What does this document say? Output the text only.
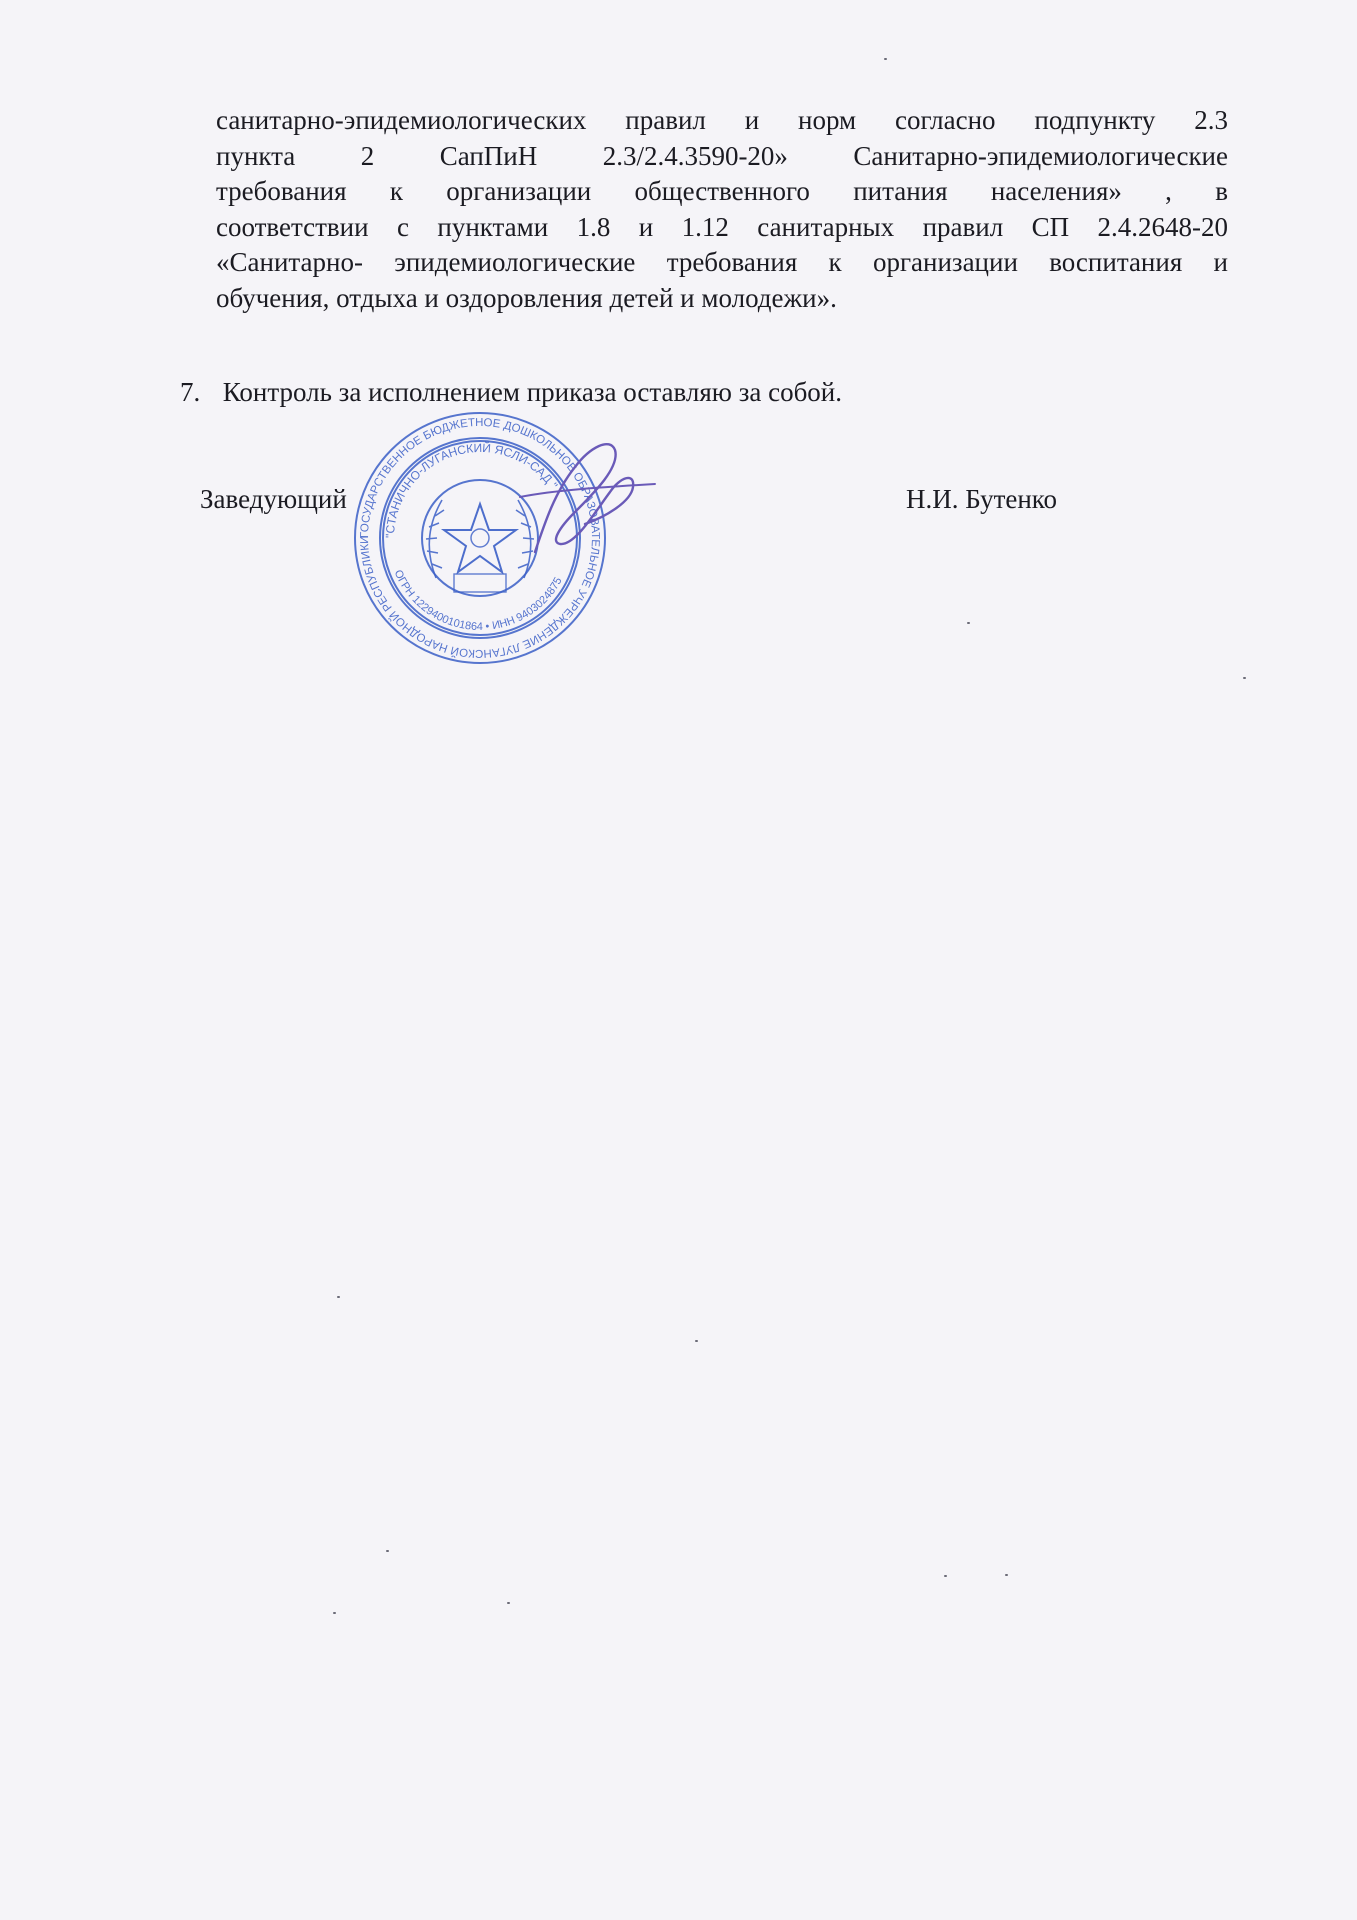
санитарно-эпидемиологических правил и норм согласно подпункту 2.3
пункта 2 СапПиН 2.3/2.4.3590-20» Санитарно-эпидемиологические
требования к организации общественного питания населения» , в
соответствии с пунктами 1.8 и 1.12 санитарных правил СП 2.4.2648-20
«Санитарно- эпидемиологические требования к организации воспитания и
обучения, отдыха и оздоровления детей и молодежи».
7. Контроль за исполнением приказа оставляю за собой.
ГОСУДАРСТВЕННОЕ БЮДЖЕТНОЕ ДОШКОЛЬНОЕ ОБРАЗОВАТЕЛЬНОЕ УЧРЕЖДЕНИЕ ЛУГАНСКОЙ НАРОДНОЙ РЕСПУБЛИКИ "СТАНИЧНО-ЛУГАНСКИЙ ЯСЛИ-САД "
ОГРН 1229400101864 • ИНН 9403024875
Заведующий	Н.И. Бутенко
